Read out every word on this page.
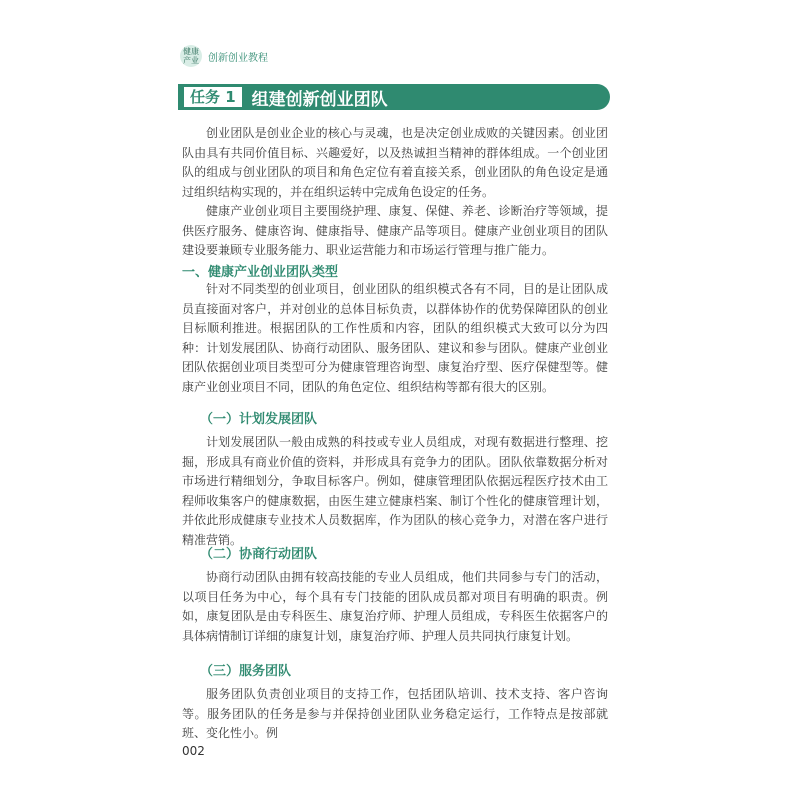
健康产业 创新创业教程
任务 1 组建创新创业团队

创业团队是创业企业的核心与灵魂，也是决定创业成败的关键因素。创业团队由具有共同价值目标、兴趣爱好，以及热诚担当精神的群体组成。一个创业团队的组成与创业团队的项目和角色定位有着直接关系，创业团队的角色设定是通过组织结构实现的，并在组织运转中完成角色设定的任务。

健康产业创业项目主要围绕护理、康复、保健、养老、诊断治疗等领域，提供医疗服务、健康咨询、健康指导、健康产品等项目。健康产业创业项目的团队建设要兼顾专业服务能力、职业运营能力和市场运行管理与推广能力。

一、健康产业创业团队类型

针对不同类型的创业项目，创业团队的组织模式各有不同，目的是让团队成员直接面对客户，并对创业的总体目标负责，以群体协作的优势保障团队的创业目标顺利推进。根据团队的工作性质和内容，团队的组织模式大致可以分为四种：计划发展团队、协商行动团队、服务团队、建议和参与团队。健康产业创业团队依据创业项目类型可分为健康管理咨询型、康复治疗型、医疗保健型等。健康产业创业项目不同，团队的角色定位、组织结构等都有很大的区别。

（一）计划发展团队

计划发展团队一般由成熟的科技或专业人员组成，对现有数据进行整理、挖掘，形成具有商业价值的资料，并形成具有竞争力的团队。团队依靠数据分析对市场进行精细划分，争取目标客户。例如，健康管理团队依据远程医疗技术由工程师收集客户的健康数据，由医生建立健康档案、制订个性化的健康管理计划，并依此形成健康专业技术人员数据库，作为团队的核心竞争力，对潜在客户进行精准营销。

（二）协商行动团队

协商行动团队由拥有较高技能的专业人员组成，他们共同参与专门的活动，以项目任务为中心，每个具有专门技能的团队成员都对项目有明确的职责。例如，康复团队是由专科医生、康复治疗师、护理人员组成，专科医生依据客户的具体病情制订详细的康复计划，康复治疗师、护理人员共同执行康复计划。

（三）服务团队

服务团队负责创业项目的支持工作，包括团队培训、技术支持、客户咨询等。服务团队的任务是参与并保持创业团队业务稳定运行，工作特点是按部就班、变化性小。例

002
